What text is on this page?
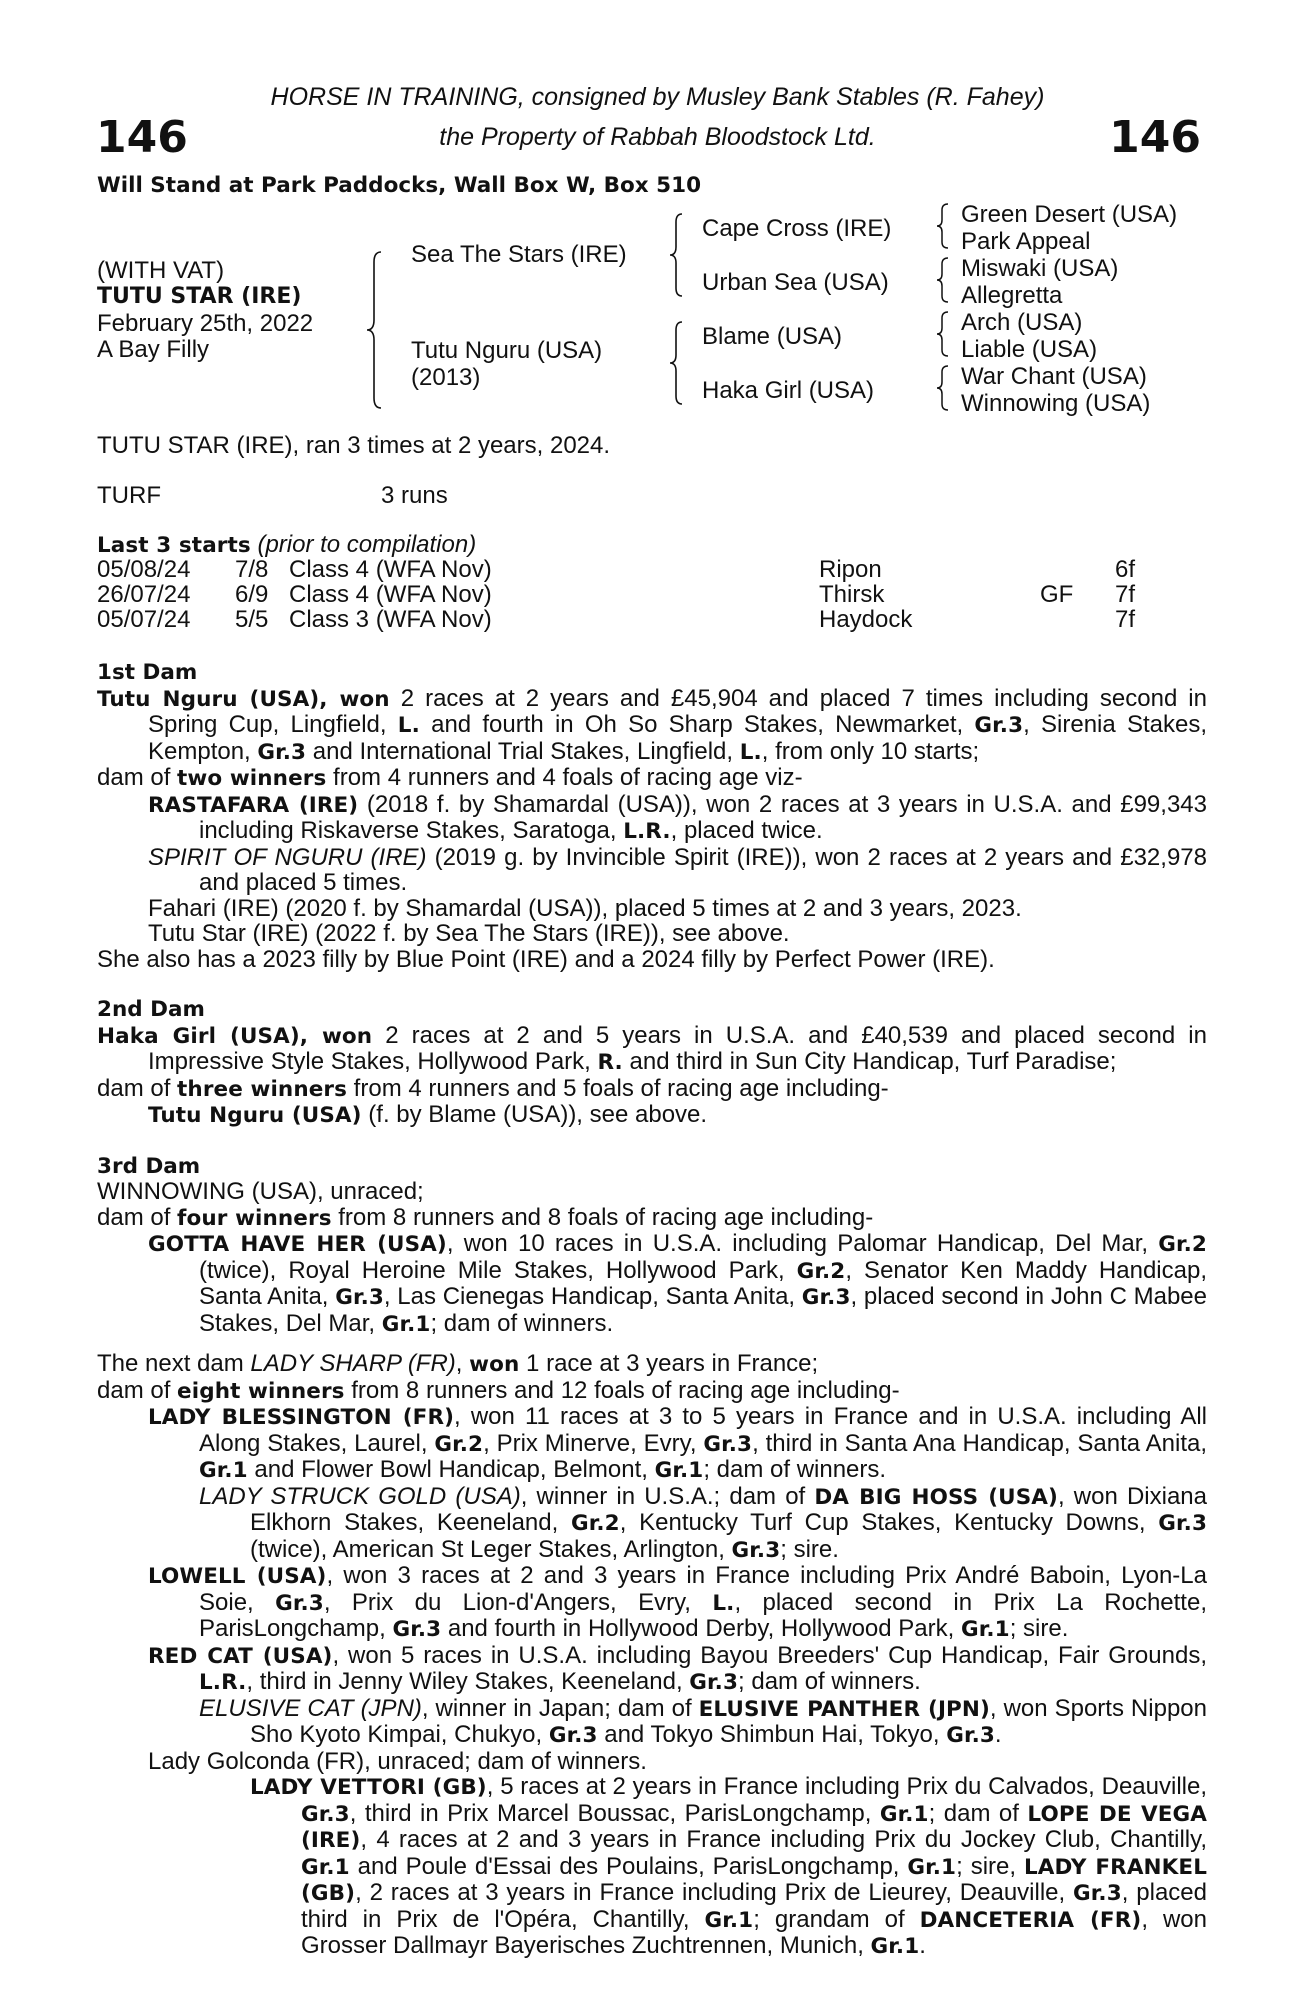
146	146
HORSE IN TRAINING, consigned by Musley Bank Stables (R. Fahey)
the Property of Rabbah Bloodstock Ltd.
Will Stand at Park Paddocks, Wall Box W, Box 510
(WITH VAT)
TUTU STAR (IRE)
February 25th, 2022
A Bay Filly
Sea The Stars (IRE)
Tutu Nguru (USA)
(2013)
Cape Cross (IRE)
Urban Sea (USA)
Blame (USA)
Haka Girl (USA)
Green Desert (USA)
Park Appeal
Miswaki (USA)
Allegretta
Arch (USA)
Liable (USA)
War Chant (USA)
Winnowing (USA)
TUTU STAR (IRE), ran 3 times at 2 years, 2024.
TURF	3 runs
Last 3 starts (prior to compilation)
05/08/24 7/8 Class 4 (WFA Nov)	Ripon	6f
26/07/24 6/9 Class 4 (WFA Nov)	Thirsk	GF 7f
05/07/24 5/5 Class 3 (WFA Nov)	Haydock	7f

1st Dam

Tutu Nguru (USA), won 2 races at 2 years and £45,904 and placed 7 times including second in Spring Cup, Lingfield, L. and fourth in Oh So Sharp Stakes, Newmarket, Gr.3, Sirenia Stakes, Kempton, Gr.3 and International Trial Stakes, Lingfield, L., from only 10 starts;

dam of two winners from 4 runners and 4 foals of racing age viz-

RASTAFARA (IRE) (2018 f. by Shamardal (USA)), won 2 races at 3 years in U.S.A. and £99,343 including Riskaverse Stakes, Saratoga, L.R., placed twice.

SPIRIT OF NGURU (IRE) (2019 g. by Invincible Spirit (IRE)), won 2 races at 2 years and £32,978 and placed 5 times.

Fahari (IRE) (2020 f. by Shamardal (USA)), placed 5 times at 2 and 3 years, 2023.

Tutu Star (IRE) (2022 f. by Sea The Stars (IRE)), see above.

She also has a 2023 filly by Blue Point (IRE) and a 2024 filly by Perfect Power (IRE).

2nd Dam

Haka Girl (USA), won 2 races at 2 and 5 years in U.S.A. and £40,539 and placed second in Impressive Style Stakes, Hollywood Park, R. and third in Sun City Handicap, Turf Paradise;

dam of three winners from 4 runners and 5 foals of racing age including-

Tutu Nguru (USA) (f. by Blame (USA)), see above.

3rd Dam

WINNOWING (USA), unraced;

dam of four winners from 8 runners and 8 foals of racing age including-

GOTTA HAVE HER (USA), won 10 races in U.S.A. including Palomar Handicap, Del Mar, Gr.2 (twice), Royal Heroine Mile Stakes, Hollywood Park, Gr.2, Senator Ken Maddy Handicap, Santa Anita, Gr.3, Las Cienegas Handicap, Santa Anita, Gr.3, placed second in John C Mabee Stakes, Del Mar, Gr.1; dam of winners.

The next dam LADY SHARP (FR), won 1 race at 3 years in France;

dam of eight winners from 8 runners and 12 foals of racing age including-

LADY BLESSINGTON (FR), won 11 races at 3 to 5 years in France and in U.S.A. including All Along Stakes, Laurel, Gr.2, Prix Minerve, Evry, Gr.3, third in Santa Ana Handicap, Santa Anita, Gr.1 and Flower Bowl Handicap, Belmont, Gr.1; dam of winners.

LADY STRUCK GOLD (USA), winner in U.S.A.; dam of DA BIG HOSS (USA), won Dixiana Elkhorn Stakes, Keeneland, Gr.2, Kentucky Turf Cup Stakes, Kentucky Downs, Gr.3 (twice), American St Leger Stakes, Arlington, Gr.3; sire.

LOWELL (USA), won 3 races at 2 and 3 years in France including Prix André Baboin, Lyon-La Soie, Gr.3, Prix du Lion-d'Angers, Evry, L., placed second in Prix La Rochette, ParisLongchamp, Gr.3 and fourth in Hollywood Derby, Hollywood Park, Gr.1; sire.

RED CAT (USA), won 5 races in U.S.A. including Bayou Breeders' Cup Handicap, Fair Grounds, L.R., third in Jenny Wiley Stakes, Keeneland, Gr.3; dam of winners.

ELUSIVE CAT (JPN), winner in Japan; dam of ELUSIVE PANTHER (JPN), won Sports Nippon Sho Kyoto Kimpai, Chukyo, Gr.3 and Tokyo Shimbun Hai, Tokyo, Gr.3.

Lady Golconda (FR), unraced; dam of winners.

LADY VETTORI (GB), 5 races at 2 years in France including Prix du Calvados, Deauville, Gr.3, third in Prix Marcel Boussac, ParisLongchamp, Gr.1; dam of LOPE DE VEGA (IRE), 4 races at 2 and 3 years in France including Prix du Jockey Club, Chantilly, Gr.1 and Poule d'Essai des Poulains, ParisLongchamp, Gr.1; sire, LADY FRANKEL (GB), 2 races at 3 years in France including Prix de Lieurey, Deauville, Gr.3, placed third in Prix de l'Opéra, Chantilly, Gr.1; grandam of DANCETERIA (FR), won Grosser Dallmayr Bayerisches Zuchtrennen, Munich, Gr.1.
